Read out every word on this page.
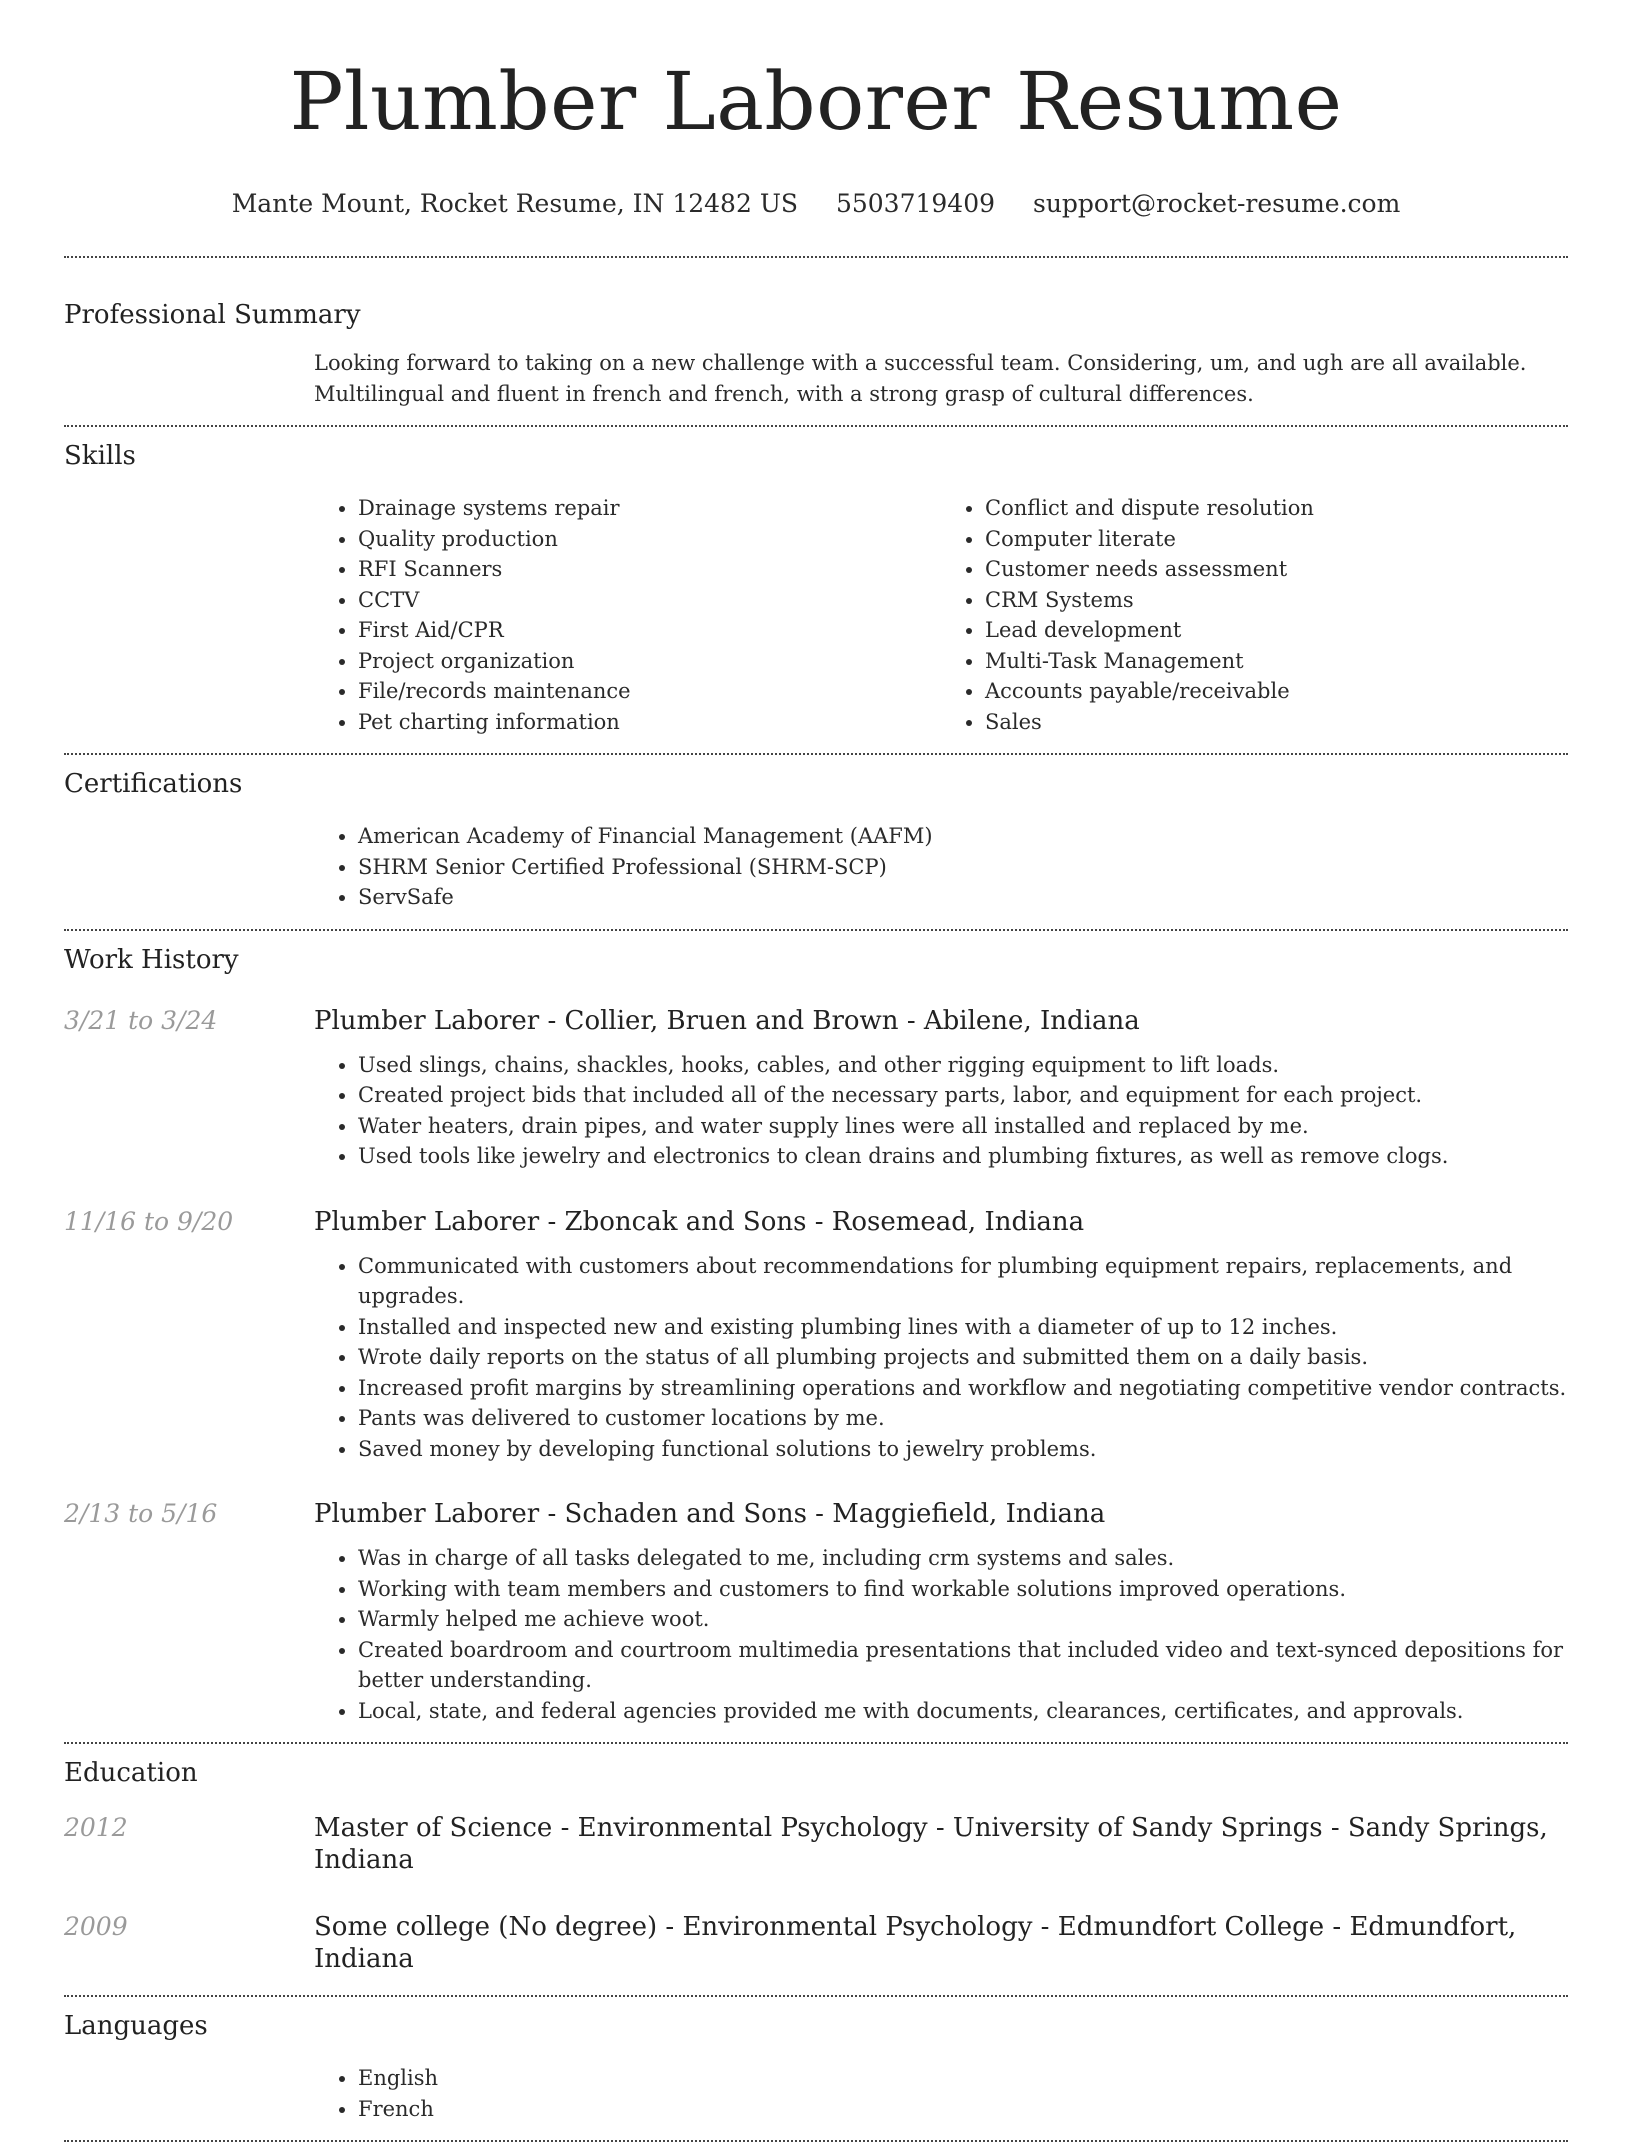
Plumber Laborer Resume
Mante Mount, Rocket Resume, IN 12482 US 5503719409 support@rocket-resume.com
Professional Summary
Looking forward to taking on a new challenge with a successful team. Considering, um, and ugh are all available.
Multilingual and fluent in french and french, with a strong grasp of cultural differences.
Skills
• Drainage systems repair
• Quality production
• RFI Scanners
• CCTV
• First Aid/CPR
• Project organization
• File/records maintenance
• Pet charting information
• Conflict and dispute resolution
• Computer literate
• Customer needs assessment
• CRM Systems
• Lead development
• Multi-Task Management
• Accounts payable/receivable
• Sales
Certifications
• American Academy of Financial Management (AAFM)
• SHRM Senior Certified Professional (SHRM-SCP)
• ServSafe
Work History
3/21 to 3/24	Plumber Laborer - Collier, Bruen and Brown - Abilene, Indiana
• Used slings, chains, shackles, hooks, cables, and other rigging equipment to lift loads.
• Created project bids that included all of the necessary parts, labor, and equipment for each project.
• Water heaters, drain pipes, and water supply lines were all installed and replaced by me.
• Used tools like jewelry and electronics to clean drains and plumbing fixtures, as well as remove clogs.
11/16 to 9/20	Plumber Laborer - Zboncak and Sons - Rosemead, Indiana
• Communicated with customers about recommendations for plumbing equipment repairs, replacements, and upgrades.
• Installed and inspected new and existing plumbing lines with a diameter of up to 12 inches.
• Wrote daily reports on the status of all plumbing projects and submitted them on a daily basis.
• Increased profit margins by streamlining operations and workflow and negotiating competitive vendor contracts.
• Pants was delivered to customer locations by me.
• Saved money by developing functional solutions to jewelry problems.
2/13 to 5/16	Plumber Laborer - Schaden and Sons - Maggiefield, Indiana
• Was in charge of all tasks delegated to me, including crm systems and sales.
• Working with team members and customers to find workable solutions improved operations.
• Warmly helped me achieve woot.
• Created boardroom and courtroom multimedia presentations that included video and text-synced depositions for better understanding.
• Local, state, and federal agencies provided me with documents, clearances, certificates, and approvals.
Education
2012	Master of Science - Environmental Psychology - University of Sandy Springs - Sandy Springs, Indiana
2009	Some college (No degree) - Environmental Psychology - Edmundfort College - Edmundfort, Indiana
Languages
• English
• French
